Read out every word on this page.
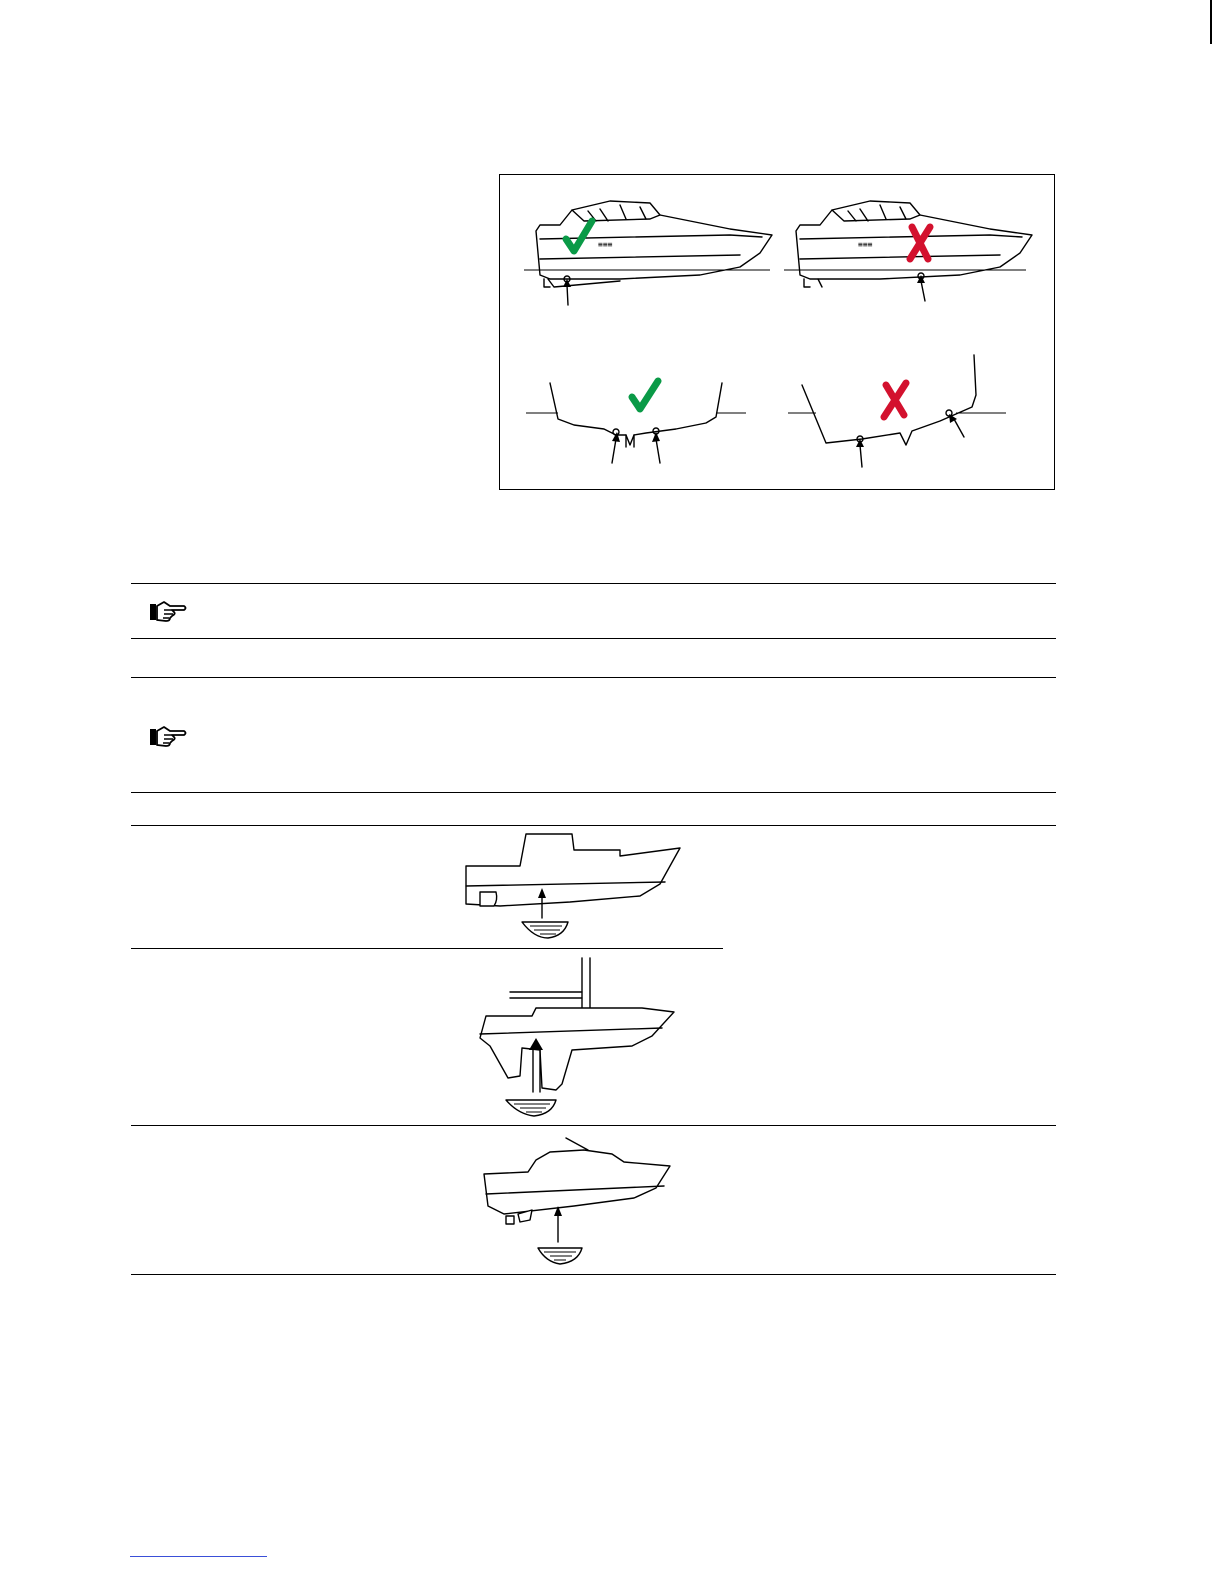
≡≡≡	≡≡≡
